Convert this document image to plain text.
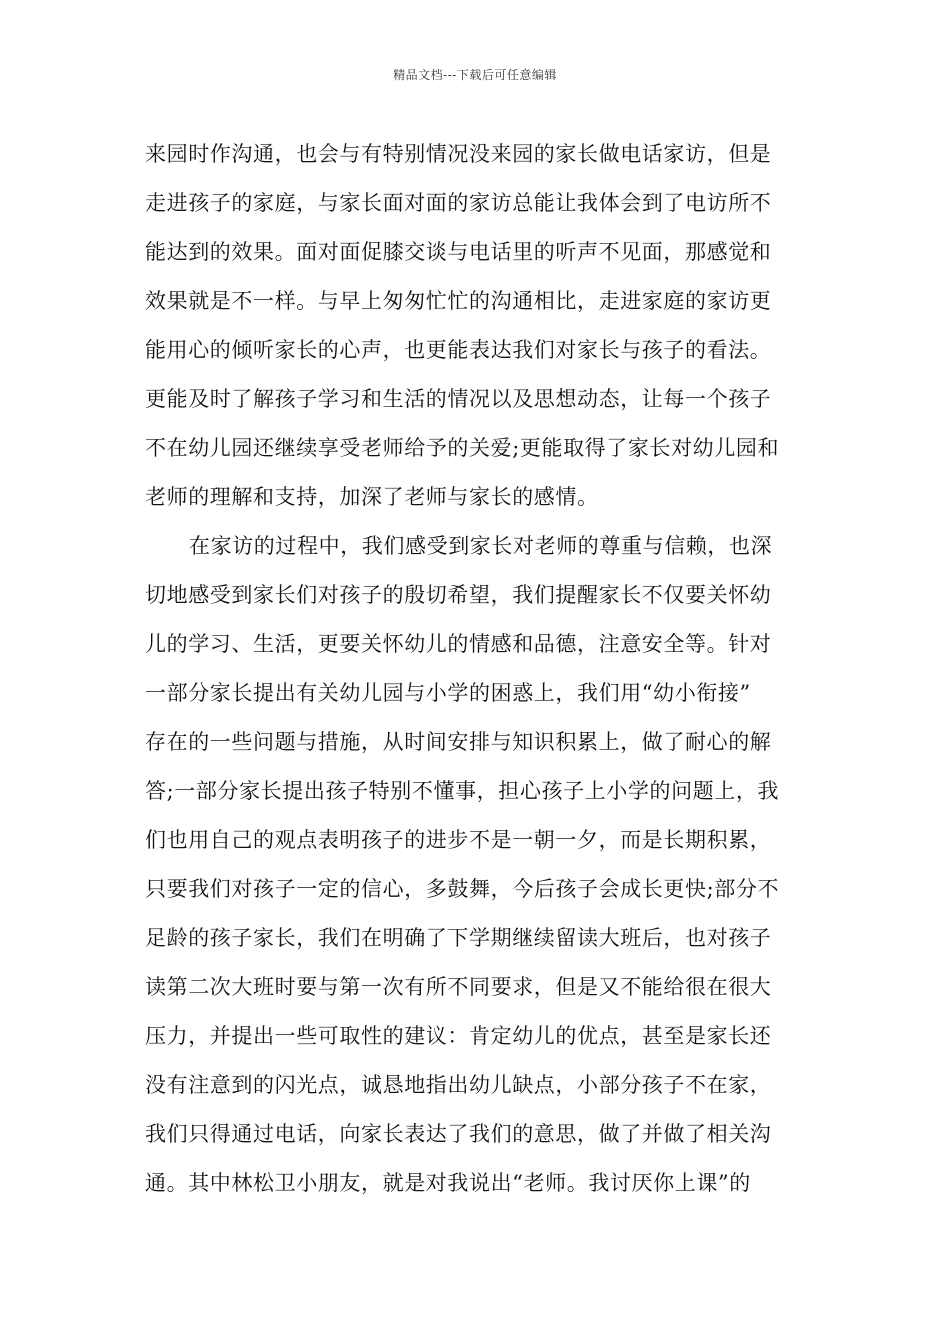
精品文档---下载后可任意编辑
来园时作沟通，也会与有特别情况没来园的家长做电话家访，但是
走进孩子的家庭，与家长面对面的家访总能让我体会到了电访所不
能达到的效果。面对面促膝交谈与电话里的听声不见面，那感觉和
效果就是不一样。与早上匆匆忙忙的沟通相比，走进家庭的家访更
能用心的倾听家长的心声，也更能表达我们对家长与孩子的看法。
更能及时了解孩子学习和生活的情况以及思想动态，让每一个孩子
不在幼儿园还继续享受老师给予的关爱;更能取得了家长对幼儿园和
老师的理解和支持，加深了老师与家长的感情。
在家访的过程中，我们感受到家长对老师的尊重与信赖，也深
切地感受到家长们对孩子的殷切希望，我们提醒家长不仅要关怀幼
儿的学习、生活，更要关怀幼儿的情感和品德，注意安全等。针对
一部分家长提出有关幼儿园与小学的困惑上，我们用“幼小衔接”
存在的一些问题与措施，从时间安排与知识积累上，做了耐心的解
答;一部分家长提出孩子特别不懂事，担心孩子上小学的问题上，我
们也用自己的观点表明孩子的进步不是一朝一夕，而是长期积累，
只要我们对孩子一定的信心，多鼓舞，今后孩子会成长更快;部分不
足龄的孩子家长，我们在明确了下学期继续留读大班后，也对孩子
读第二次大班时要与第一次有所不同要求，但是又不能给很在很大
压力，并提出一些可取性的建议：肯定幼儿的优点，甚至是家长还
没有注意到的闪光点，诚恳地指出幼儿缺点，小部分孩子不在家，
我们只得通过电话，向家长表达了我们的意思，做了并做了相关沟
通。其中林松卫小朋友，就是对我说出“老师。我讨厌你上课”的
